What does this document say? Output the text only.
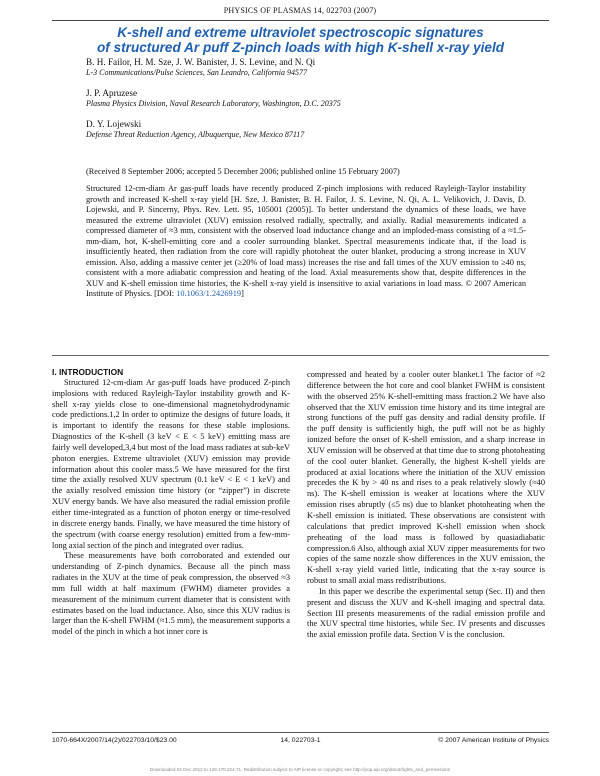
PHYSICS OF PLASMAS 14, 022703 (2007)
K-shell and extreme ultraviolet spectroscopic signatures
of structured Ar puff Z-pinch loads with high K-shell x-ray yield
B. H. Failor, H. M. Sze, J. W. Banister, J. S. Levine, and N. Qi
L-3 Communications/Pulse Sciences, San Leandro, California 94577
J. P. Apruzese
Plasma Physics Division, Naval Research Laboratory, Washington, D.C. 20375
D. Y. Lojewski
Defense Threat Reduction Agency, Albuquerque, New Mexico 87117
(Received 8 September 2006; accepted 5 December 2006; published online 15 February 2007)
Structured 12-cm-diam Ar gas-puff loads have recently produced Z-pinch implosions with reduced Rayleigh-Taylor instability growth and increased K-shell x-ray yield [H. Sze, J. Banister, B. H. Failor, J. S. Levine, N. Qi, A. L. Velikovich, J. Davis, D. Lojewski, and P. Sincerny, Phys. Rev. Lett. 95, 105001 (2005)]. To better understand the dynamics of these loads, we have measured the extreme ultraviolet (XUV) emission resolved radially, spectrally, and axially. Radial measurements indicated a compressed diameter of ≈3 mm, consistent with the observed load inductance change and an imploded-mass consisting of a ≈1.5-mm-diam, hot, K-shell-emitting core and a cooler surrounding blanket. Spectral measurements indicate that, if the load is insufficiently heated, then radiation from the core will rapidly photoheat the outer blanket, producing a strong increase in XUV emission. Also, adding a massive center jet (≥20% of load mass) increases the rise and fall times of the XUV emission to ≥40 ns, consistent with a more adiabatic compression and heating of the load. Axial measurements show that, despite differences in the XUV and K-shell emission time histories, the K-shell x-ray yield is insensitive to axial variations in load mass. © 2007 American Institute of Physics. [DOI: 10.1063/1.2426919]

I. INTRODUCTION

Structured 12-cm-diam Ar gas-puff loads have produced Z-pinch implosions with reduced Rayleigh-Taylor instability growth and K-shell x-ray yields close to one-dimensional magnetohydrodynamic code predictions.1,2 In order to optimize the designs of future loads, it is important to identify the reasons for these stable implosions. Diagnostics of the K-shell (3 keV < E < 5 keV) emitting mass are fairly well developed,3,4 but most of the load mass radiates at sub-keV photon energies. Extreme ultraviolet (XUV) emission may provide information about this cooler mass.5 We have measured for the first time the axially resolved XUV spectrum (0.1 keV < E < 1 keV) and the axially resolved emission time history (or “zipper”) in discrete XUV energy bands. We have also measured the radial emission profile either time-integrated as a function of photon energy or time-resolved in discrete energy bands. Finally, we have measured the time history of the spectrum (with coarse energy resolution) emitted from a few-mm-long axial section of the pinch and integrated over radius.

These measurements have both corroborated and extended our understanding of Z-pinch dynamics. Because all the pinch mass radiates in the XUV at the time of peak compression, the observed ≈3 mm full width at half maximum (FWHM) diameter provides a measurement of the minimum current diameter that is consistent with estimates based on the load inductance. Also, since this XUV radius is larger than the K-shell FWHM (≈1.5 mm), the measurement supports a model of the pinch in which a hot inner core is

compressed and heated by a cooler outer blanket.1 The factor of ≈2 difference between the hot core and cool blanket FWHM is consistent with the observed 25% K-shell-emitting mass fraction.2 We have also observed that the XUV emission time history and its time integral are strong functions of the puff gas density and radial density profile. If the puff density is sufficiently high, the puff will not be as highly ionized before the onset of K-shell emission, and a sharp increase in XUV emission will be observed at that time due to strong photoheating of the cool outer blanket. Generally, the highest K-shell yields are produced at axial locations where the initiation of the XUV emission precedes the K by > 40 ns and rises to a peak relatively slowly (≈40 ns). The K-shell emission is weaker at locations where the XUV emission rises abruptly (≤5 ns) due to blanket photoheating when the K-shell emission is initiated. These observations are consistent with calculations that predict improved K-shell emission when shock preheating of the load mass is followed by quasiadiabatic compression.6 Also, although axial XUV zipper measurements for two copies of the same nozzle show differences in the XUV emission, the K-shell x-ray yield varied little, indicating that the x-ray source is robust to small axial mass redistributions.

In this paper we describe the experimental setup (Sec. II) and then present and discuss the XUV and K-shell imaging and spectral data. Section III presents measurements of the radial emission profile and the XUV spectral time histories, while Sec. IV presents and discusses the axial emission profile data. Section V is the conclusion.

1070-664X/2007/14(2)/022703/10/$23.00	14, 022703-1	© 2007 American Institute of Physics
Downloaded 04 Dec 2012 to 128.170.224.71. Redistribution subject to AIP license or copyright; see http://pop.aip.org/about/rights_and_permissions
